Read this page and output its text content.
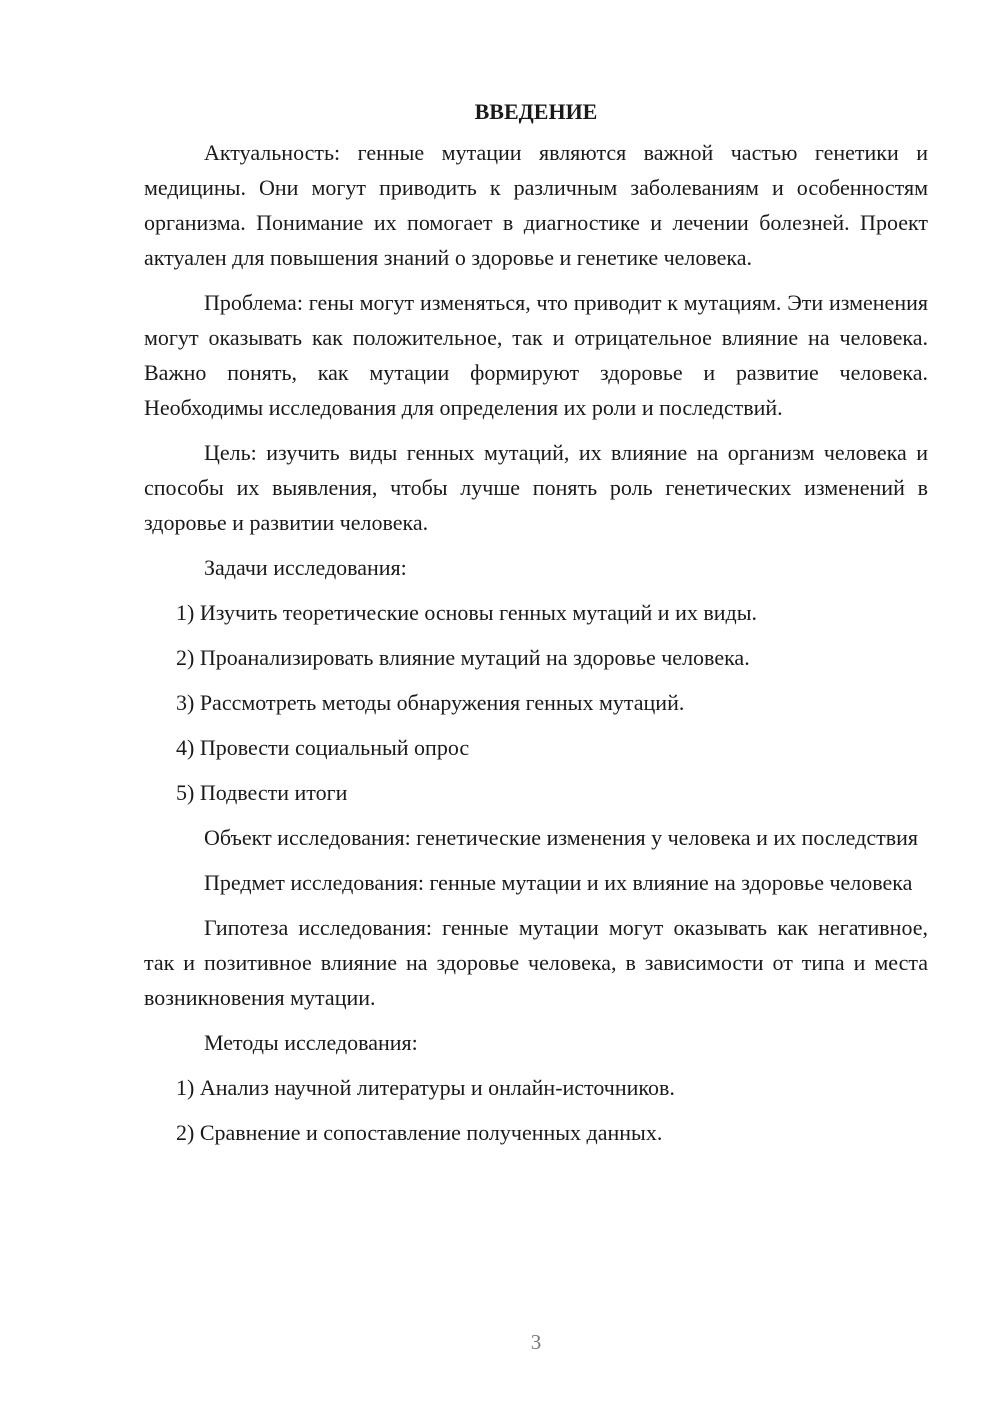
ВВЕДЕНИЕ

Актуальность: генные мутации являются важной частью генетики и медицины. Они могут приводить к различным заболеваниям и особенностям организма. Понимание их помогает в диагностике и лечении болезней. Проект актуален для повышения знаний о здоровье и генетике человека.

Проблема: гены могут изменяться, что приводит к мутациям. Эти изменения могут оказывать как положительное, так и отрицательное влияние на человека. Важно понять, как мутации формируют здоровье и развитие человека. Необходимы исследования для определения их роли и последствий.

Цель: изучить виды генных мутаций, их влияние на организм человека и способы их выявления, чтобы лучше понять роль генетических изменений в здоровье и развитии человека.

Задачи исследования:

1) Изучить теоретические основы генных мутаций и их виды.
2) Проанализировать влияние мутаций на здоровье человека.
3) Рассмотреть методы обнаружения генных мутаций.
4) Провести социальный опрос
5) Подвести итоги

Объект исследования: генетические изменения у человека и их последствия

Предмет исследования: генные мутации и их влияние на здоровье человека

Гипотеза исследования: генные мутации могут оказывать как негативное, так и позитивное влияние на здоровье человека, в зависимости от типа и места возникновения мутации.

Методы исследования:

1) Анализ научной литературы и онлайн-источников.
2) Сравнение и сопоставление полученных данных.
3
